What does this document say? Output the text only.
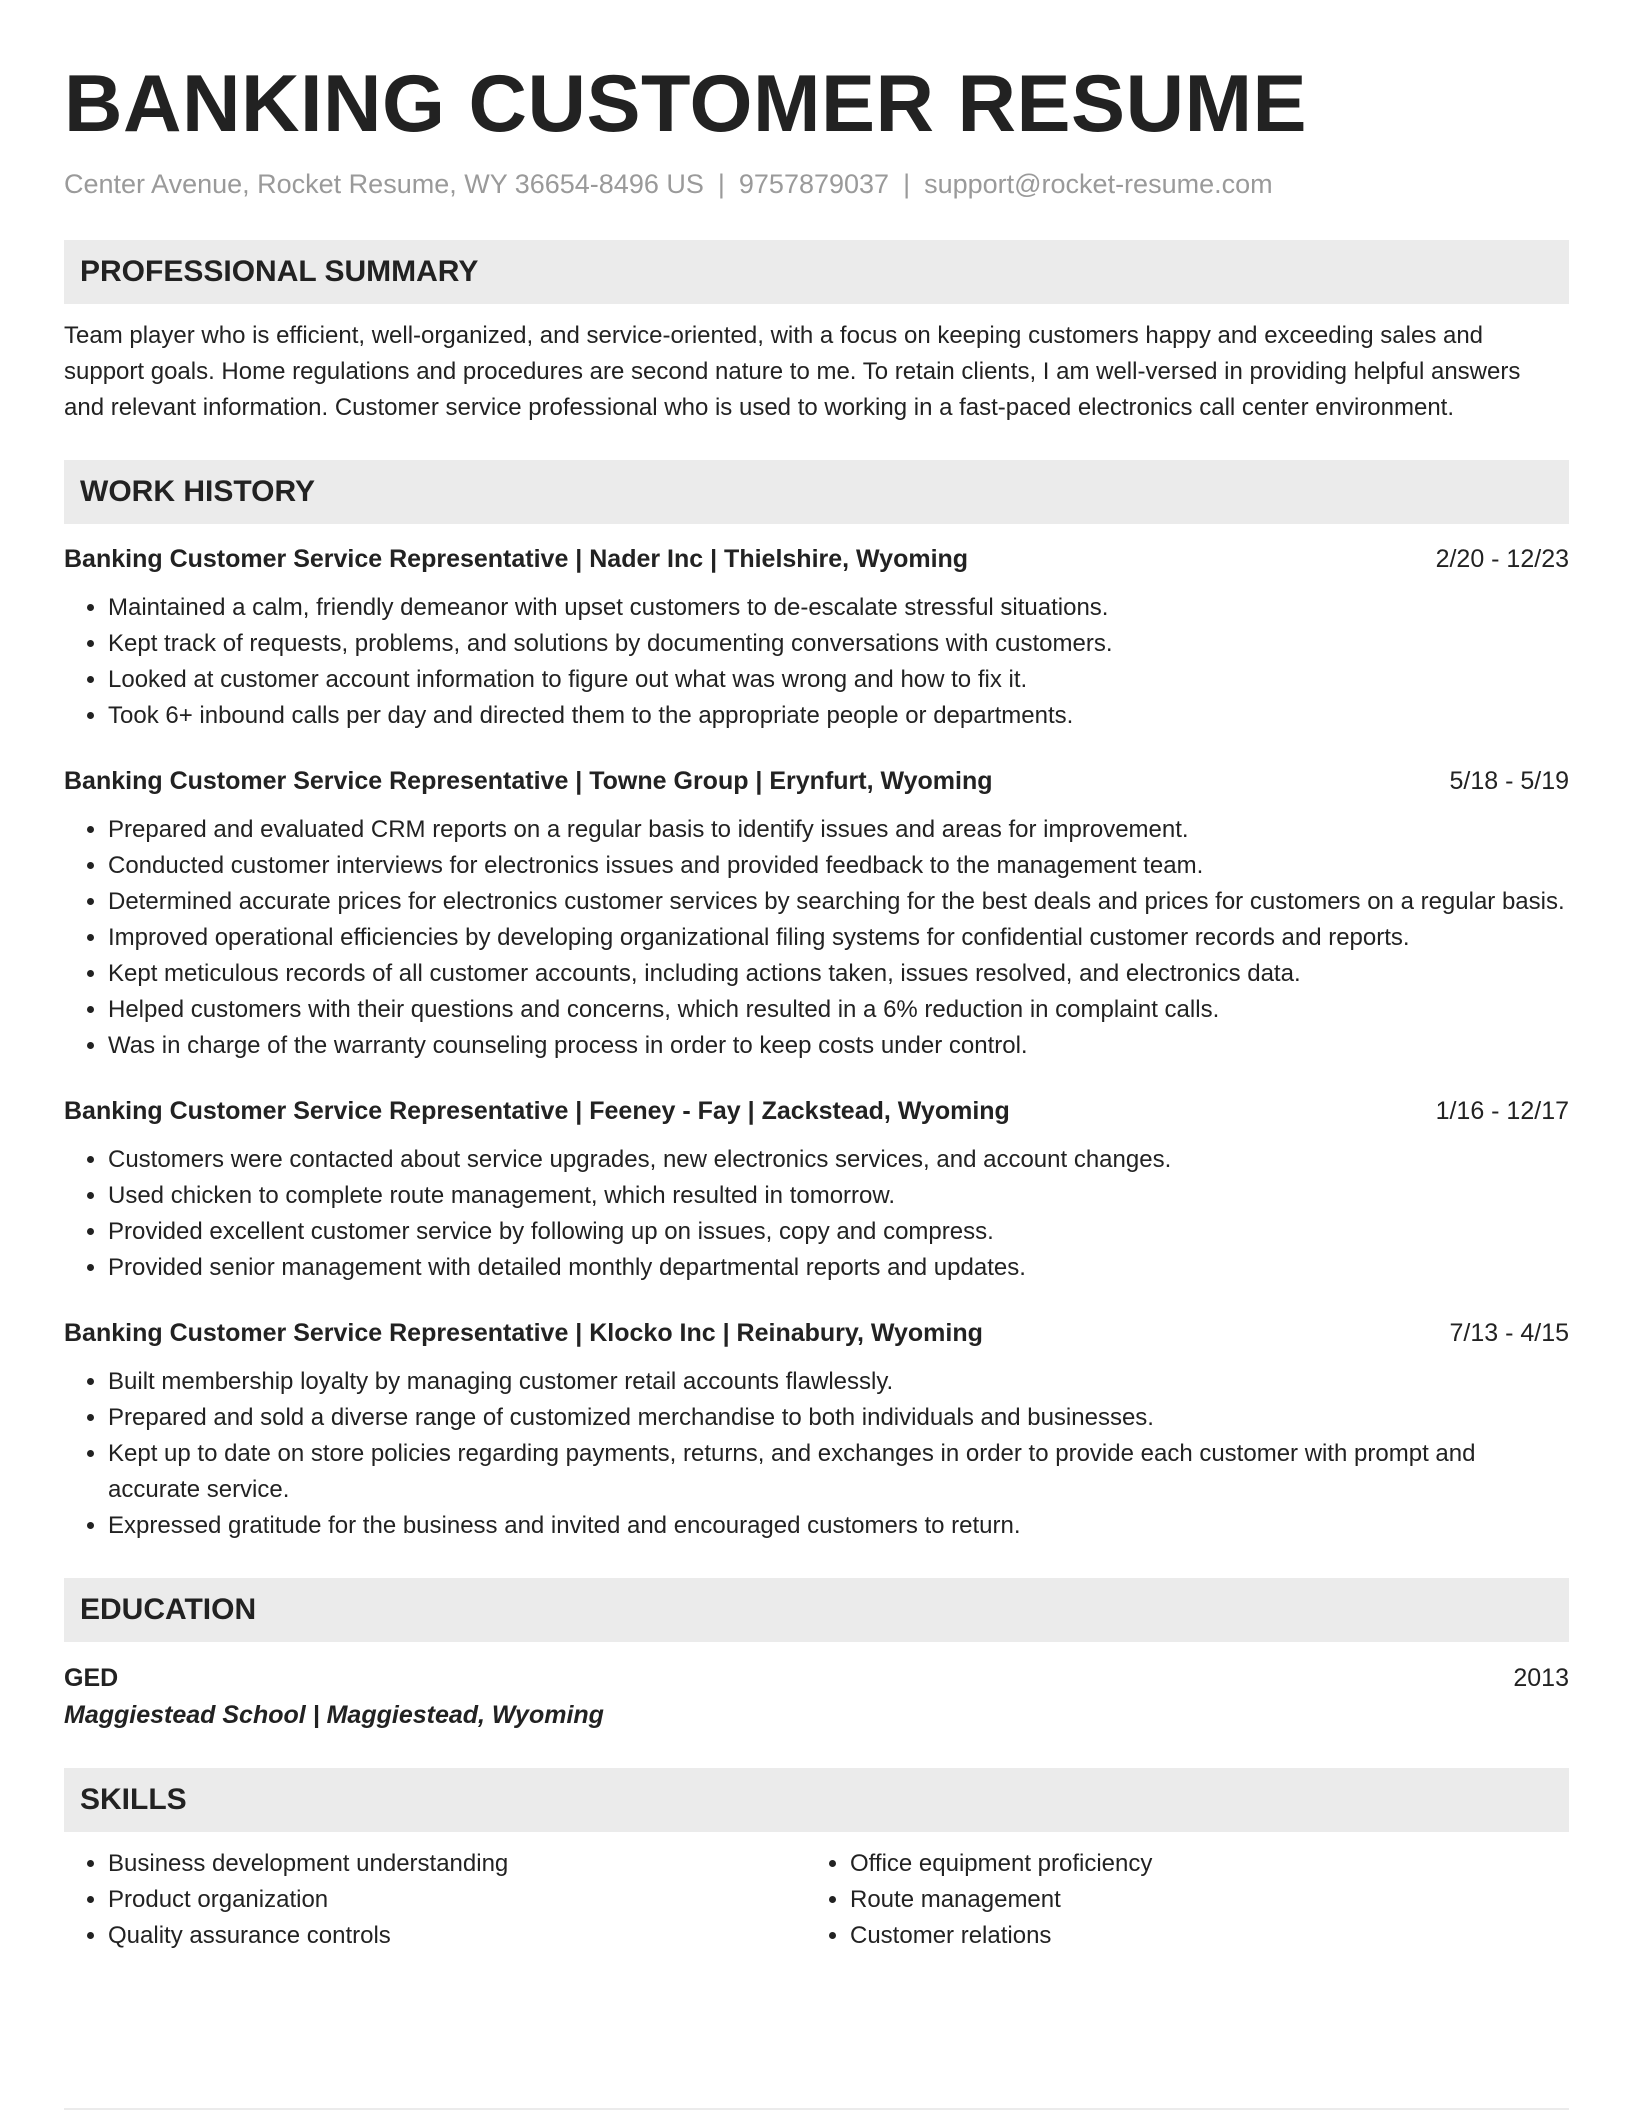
BANKING CUSTOMER RESUME
Center Avenue, Rocket Resume, WY 36654-8496 US | 9757879037 | support@rocket-resume.com
PROFESSIONAL SUMMARY
Team player who is efficient, well-organized, and service-oriented, with a focus on keeping customers happy and exceeding sales and support goals. Home regulations and procedures are second nature to me. To retain clients, I am well-versed in providing helpful answers and relevant information. Customer service professional who is used to working in a fast-paced electronics call center environment.
WORK HISTORY
Banking Customer Service Representative | Nader Inc | Thielshire, Wyoming	2/20 - 12/23
• Maintained a calm, friendly demeanor with upset customers to de-escalate stressful situations.
• Kept track of requests, problems, and solutions by documenting conversations with customers.
• Looked at customer account information to figure out what was wrong and how to fix it.
• Took 6+ inbound calls per day and directed them to the appropriate people or departments.
Banking Customer Service Representative | Towne Group | Erynfurt, Wyoming	5/18 - 5/19
• Prepared and evaluated CRM reports on a regular basis to identify issues and areas for improvement.
• Conducted customer interviews for electronics issues and provided feedback to the management team.
• Determined accurate prices for electronics customer services by searching for the best deals and prices for customers on a regular basis.
• Improved operational efficiencies by developing organizational filing systems for confidential customer records and reports.
• Kept meticulous records of all customer accounts, including actions taken, issues resolved, and electronics data.
• Helped customers with their questions and concerns, which resulted in a 6% reduction in complaint calls.
• Was in charge of the warranty counseling process in order to keep costs under control.
Banking Customer Service Representative | Feeney - Fay | Zackstead, Wyoming	1/16 - 12/17
• Customers were contacted about service upgrades, new electronics services, and account changes.
• Used chicken to complete route management, which resulted in tomorrow.
• Provided excellent customer service by following up on issues, copy and compress.
• Provided senior management with detailed monthly departmental reports and updates.
Banking Customer Service Representative | Klocko Inc | Reinabury, Wyoming	7/13 - 4/15
• Built membership loyalty by managing customer retail accounts flawlessly.
• Prepared and sold a diverse range of customized merchandise to both individuals and businesses.
• Kept up to date on store policies regarding payments, returns, and exchanges in order to provide each customer with prompt and accurate service.
• Expressed gratitude for the business and invited and encouraged customers to return.
EDUCATION
GED	2013
Maggiestead School | Maggiestead, Wyoming
SKILLS
• Business development understanding
• Product organization
• Quality assurance controls
• Office equipment proficiency
• Route management
• Customer relations
